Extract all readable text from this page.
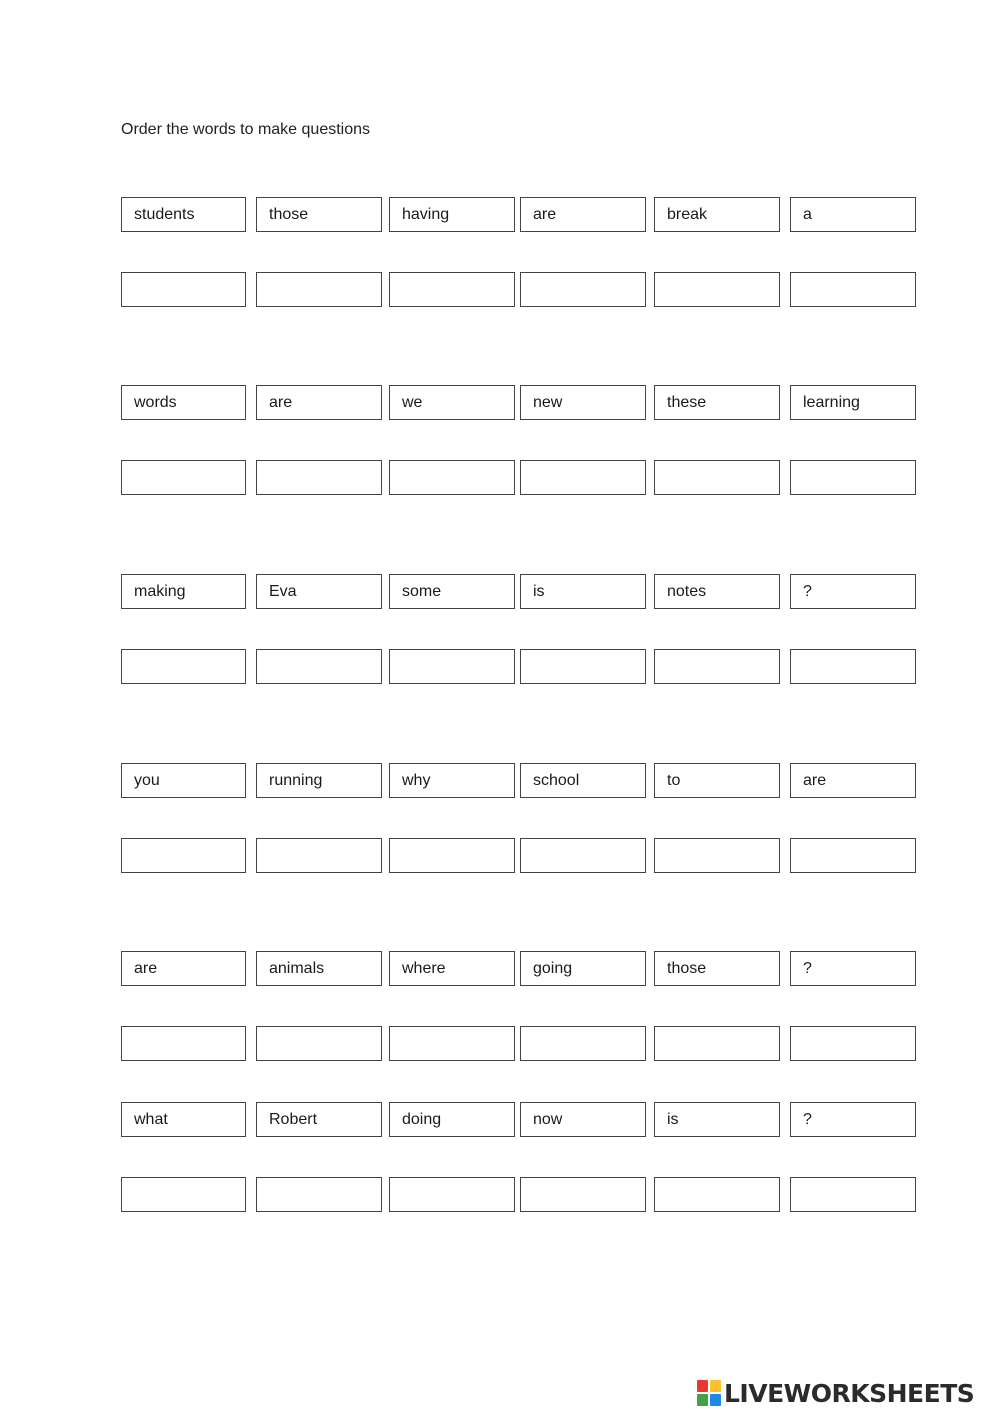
Order the words to make questions
students	those	having	are	break	a
words	are	we	new	these	learning
making	Eva	some	is	notes	?
you	running	why	school	to	are
are	animals	where	going	those	?
what	Robert	doing	now	is	?
LIVEWORKSHEETS
